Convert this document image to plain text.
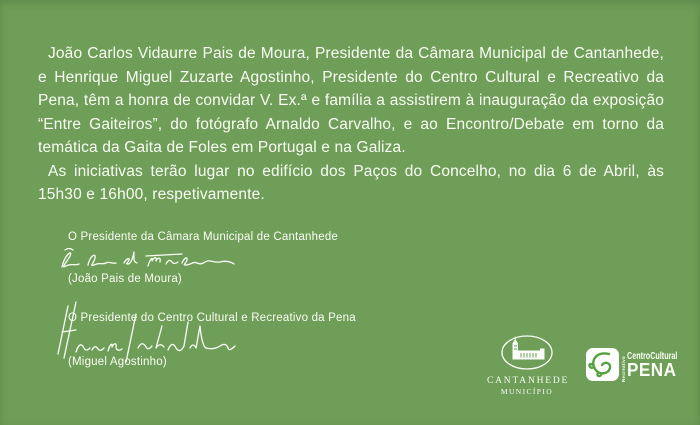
João Carlos Vidaurre Pais de Moura, Presidente da Câmara Municipal de Cantanhede, e Henrique Miguel Zuzarte Agostinho, Presidente do Centro Cultural e Recreativo da Pena, têm a honra de convidar V. Ex.ª e família a assistirem à inauguração da exposição “Entre Gaiteiros”, do fotógrafo Arnaldo Carvalho, e ao Encontro/Debate em torno da temática da Gaita de Foles em Portugal e na Galiza.

As iniciativas terão lugar no edifício dos Paços do Concelho, no dia 6 de Abril, às 15h30 e 16h00, respetivamente.

O Presidente da Câmara Municipal de Cantanhede
(João Pais de Moura)
O Presidente do Centro Cultural e Recreativo da Pena
(Miguel Agostinho)
CANTANHEDE
MUNICÍPIO
Recreativo CentroCultural
PENA
